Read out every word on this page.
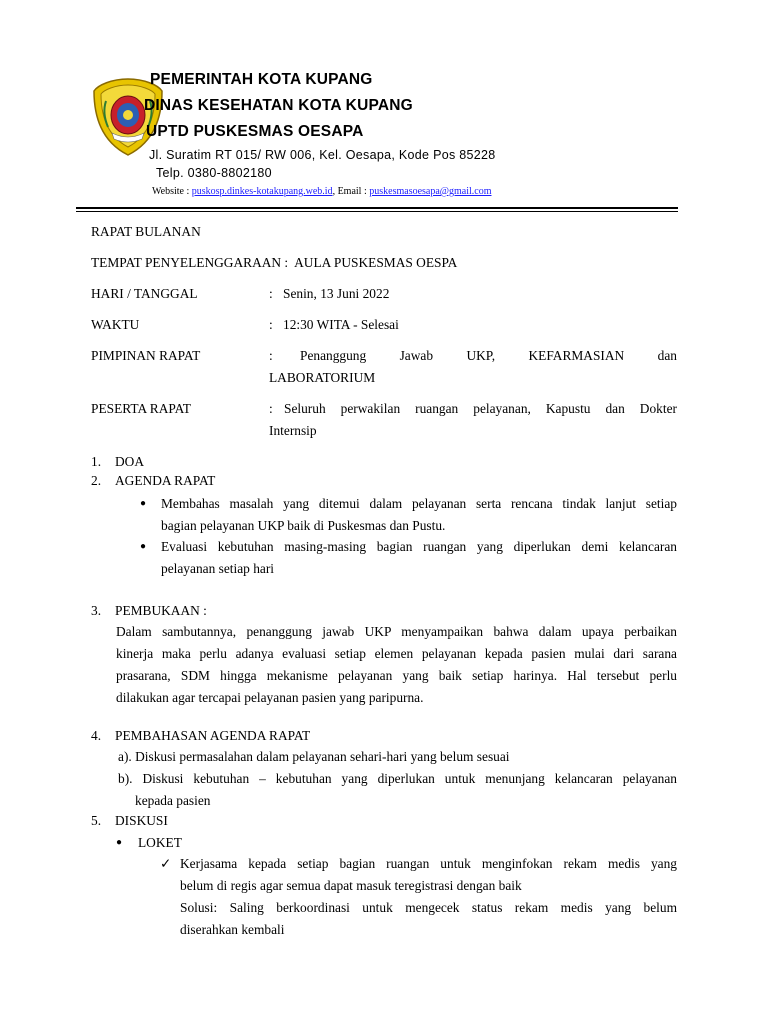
PEMERINTAH KOTA KUPANG
DINAS KESEHATAN KOTA KUPANG
UPTD PUSKESMAS OESAPA
Jl. Suratim RT 015/ RW 006, Kel. Oesapa, Kode Pos 85228
Telp. 0380-8802180
Website : puskosp.dinkes-kotakupang.web.id, Email : puskesmasoesapa@gmail.com
RAPAT BULANAN
TEMPAT PENYELENGGARAAN : AULA PUSKESMAS OESPA
HARI / TANGGAL	: Senin, 13 Juni 2022
WAKTU	: 12:30 WITA - Selesai
PIMPINAN RAPAT	: Penanggung Jawab UKP, KEFARMASIAN dan
LABORATORIUM
PESERTA RAPAT	: Seluruh perwakilan ruangan pelayanan, Kapustu dan Dokter
Internsip
1. DOA
2. AGENDA RAPAT
● Membahas masalah yang ditemui dalam pelayanan serta rencana tindak lanjut setiap
bagian pelayanan UKP baik di Puskesmas dan Pustu.
● Evaluasi kebutuhan masing-masing bagian ruangan yang diperlukan demi kelancaran
pelayanan setiap hari
3. PEMBUKAAN :
Dalam sambutannya, penanggung jawab UKP menyampaikan bahwa dalam upaya perbaikan
kinerja maka perlu adanya evaluasi setiap elemen pelayanan kepada pasien mulai dari sarana
prasarana, SDM hingga mekanisme pelayanan yang baik setiap harinya. Hal tersebut perlu
dilakukan agar tercapai pelayanan pasien yang paripurna.
4. PEMBAHASAN AGENDA RAPAT
a). Diskusi permasalahan dalam pelayanan sehari-hari yang belum sesuai
b). Diskusi kebutuhan – kebutuhan yang diperlukan untuk menunjang kelancaran pelayanan
kepada pasien
5. DISKUSI
● LOKET
✓ Kerjasama kepada setiap bagian ruangan untuk menginfokan rekam medis yang
belum di regis agar semua dapat masuk teregistrasi dengan baik
Solusi: Saling berkoordinasi untuk mengecek status rekam medis yang belum
diserahkan kembali
